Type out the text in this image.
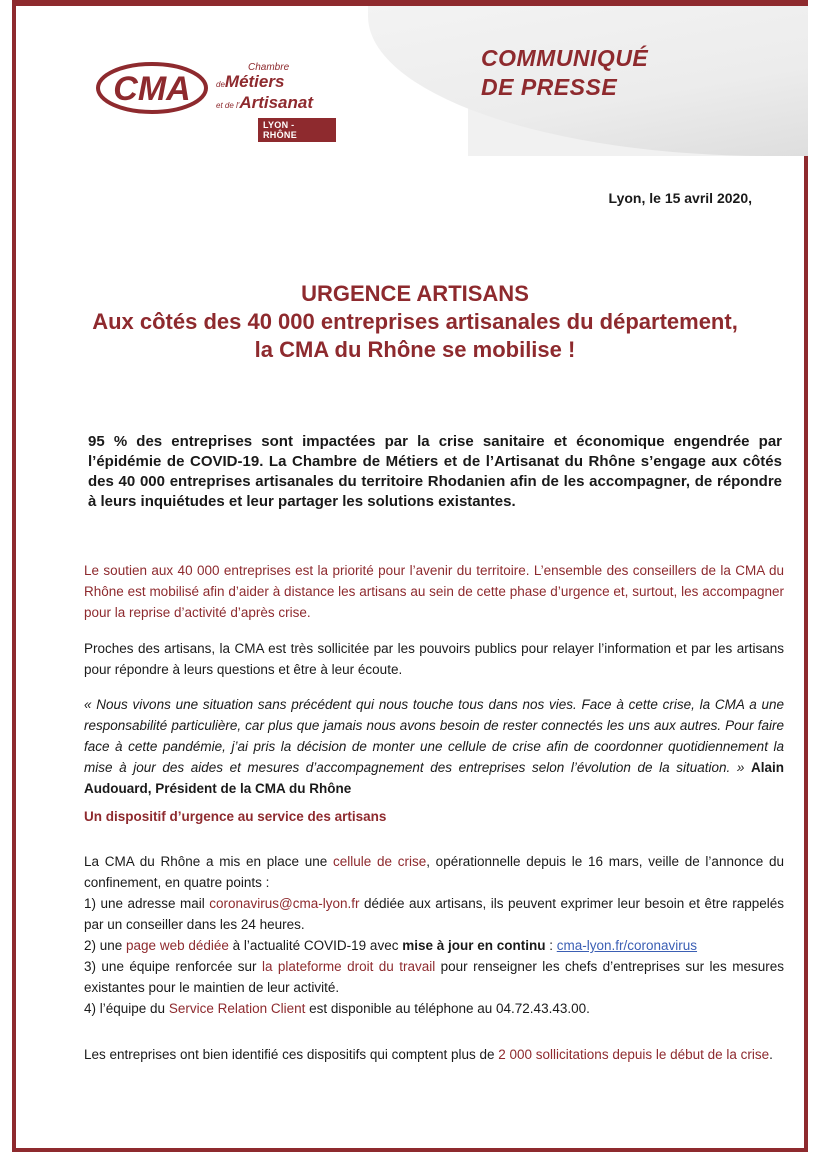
CMA
Chambre
deMétiers
et de l'Artisanat
LYON - RHÔNE
COMMUNIQUÉ
DE PRESSE
Lyon, le 15 avril 2020,
URGENCE ARTISANS
Aux côtés des 40 000 entreprises artisanales du département, la CMA du Rhône se mobilise !
95 % des entreprises sont impactées par la crise sanitaire et économique engendrée par l’épidémie de COVID-19. La Chambre de Métiers et de l’Artisanat du Rhône s’engage aux côtés des 40 000 entreprises artisanales du territoire Rhodanien afin de les accompagner, de répondre à leurs inquiétudes et leur partager les solutions existantes.
Le soutien aux 40 000 entreprises est la priorité pour l’avenir du territoire. L’ensemble des conseillers de la CMA du Rhône est mobilisé afin d’aider à distance les artisans au sein de cette phase d’urgence et, surtout, les accompagner pour la reprise d’activité d’après crise.
Proches des artisans, la CMA est très sollicitée par les pouvoirs publics pour relayer l’information et par les artisans pour répondre à leurs questions et être à leur écoute.
« Nous vivons une situation sans précédent qui nous touche tous dans nos vies. Face à cette crise, la CMA a une responsabilité particulière, car plus que jamais nous avons besoin de rester connectés les uns aux autres. Pour faire face à cette pandémie, j’ai pris la décision de monter une cellule de crise afin de coordonner quotidiennement la mise à jour des aides et mesures d’accompagnement des entreprises selon l’évolution de la situation. » Alain Audouard, Président de la CMA du Rhône
Un dispositif d’urgence au service des artisans
La CMA du Rhône a mis en place une cellule de crise, opérationnelle depuis le 16 mars, veille de l’annonce du confinement, en quatre points :
1) une adresse mail coronavirus@cma-lyon.fr dédiée aux artisans, ils peuvent exprimer leur besoin et être rappelés par un conseiller dans les 24 heures.
2) une page web dédiée à l’actualité COVID-19 avec mise à jour en continu : cma-lyon.fr/coronavirus
3) une équipe renforcée sur la plateforme droit du travail pour renseigner les chefs d’entreprises sur les mesures existantes pour le maintien de leur activité.
4) l’équipe du Service Relation Client est disponible au téléphone au 04.72.43.43.00.
Les entreprises ont bien identifié ces dispositifs qui comptent plus de 2 000 sollicitations depuis le début de la crise.
